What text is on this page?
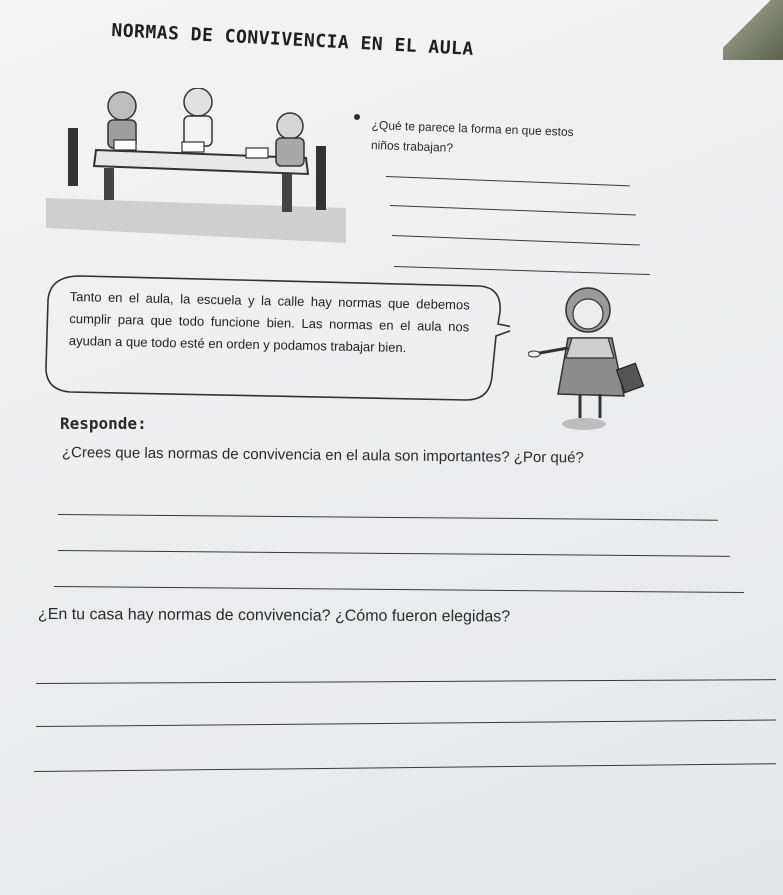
NORMAS DE CONVIVENCIA EN EL AULA
¿Qué te parece la forma en que estos niños trabajan?
Tanto en el aula, la escuela y la calle hay normas que debemos cumplir para que todo funcione bien. Las normas en el aula nos ayudan a que todo esté en orden y podamos trabajar bien.
Responde:
¿Crees que las normas de convivencia en el aula son importantes? ¿Por qué?
¿En tu casa hay normas de convivencia? ¿Cómo fueron elegidas?
